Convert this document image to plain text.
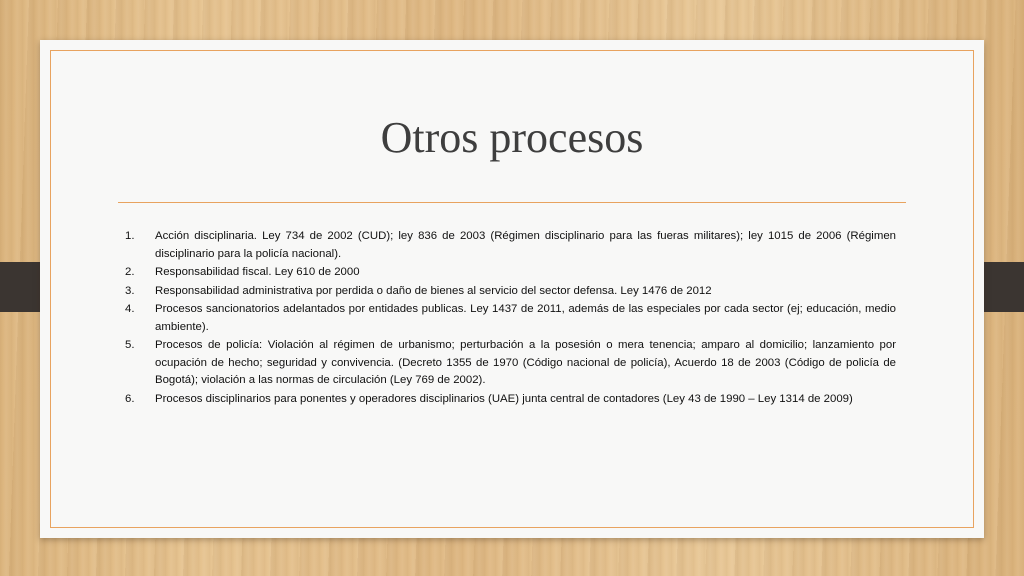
Otros procesos
1. Acción disciplinaria. Ley 734 de 2002 (CUD); ley 836 de 2003 (Régimen disciplinario para las fueras militares); ley 1015 de 2006 (Régimen disciplinario para la policía nacional).
2. Responsabilidad fiscal. Ley 610 de 2000
3. Responsabilidad administrativa por perdida o daño de bienes al servicio del sector defensa. Ley 1476 de 2012
4. Procesos sancionatorios adelantados por entidades publicas. Ley 1437 de 2011, además de las especiales por cada sector (ej; educación, medio ambiente).
5. Procesos de policía: Violación al régimen de urbanismo; perturbación a la posesión o mera tenencia; amparo al domicilio; lanzamiento por ocupación de hecho; seguridad y convivencia. (Decreto 1355 de 1970 (Código nacional de policía), Acuerdo 18 de 2003 (Código de policía de Bogotá); violación a las normas de circulación (Ley 769 de 2002).
6. Procesos disciplinarios para ponentes y operadores disciplinarios (UAE) junta central de contadores (Ley 43 de 1990 – Ley 1314 de 2009)
